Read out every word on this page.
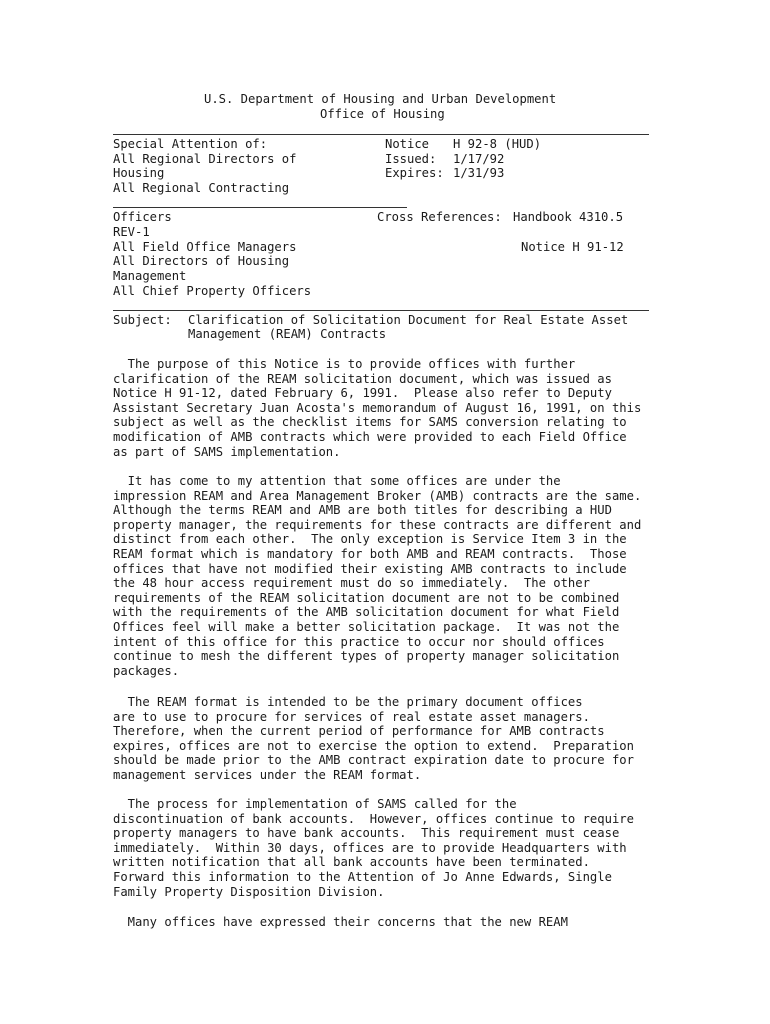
U.S. Department of Housing and Urban Development
Office of Housing
Special Attention of:
All Regional Directors of
Housing
All Regional Contracting
Officers
REV-1
All Field Office Managers
All Directors of Housing
Management
All Chief Property Officers
Notice H 92-8 (HUD)
Issued: 1/17/92
Expires: 1/31/93
Cross References: Handbook 4310.5
Notice H 91-12
Subject: Clarification of Solicitation Document for Real Estate Asset
Management (REAM) Contracts
The purpose of this Notice is to provide offices with further
clarification of the REAM solicitation document, which was issued as
Notice H 91-12, dated February 6, 1991.  Please also refer to Deputy
Assistant Secretary Juan Acosta's memorandum of August 16, 1991, on this
subject as well as the checklist items for SAMS conversion relating to
modification of AMB contracts which were provided to each Field Office
as part of SAMS implementation.
It has come to my attention that some offices are under the
impression REAM and Area Management Broker (AMB) contracts are the same.
Although the terms REAM and AMB are both titles for describing a HUD
property manager, the requirements for these contracts are different and
distinct from each other.  The only exception is Service Item 3 in the
REAM format which is mandatory for both AMB and REAM contracts.  Those
offices that have not modified their existing AMB contracts to include
the 48 hour access requirement must do so immediately.  The other
requirements of the REAM solicitation document are not to be combined
with the requirements of the AMB solicitation document for what Field
Offices feel will make a better solicitation package.  It was not the
intent of this office for this practice to occur nor should offices
continue to mesh the different types of property manager solicitation
packages.
The REAM format is intended to be the primary document offices
are to use to procure for services of real estate asset managers.
Therefore, when the current period of performance for AMB contracts
expires, offices are not to exercise the option to extend.  Preparation
should be made prior to the AMB contract expiration date to procure for
management services under the REAM format.
The process for implementation of SAMS called for the
discontinuation of bank accounts.  However, offices continue to require
property managers to have bank accounts.  This requirement must cease
immediately.  Within 30 days, offices are to provide Headquarters with
written notification that all bank accounts have been terminated.
Forward this information to the Attention of Jo Anne Edwards, Single
Family Property Disposition Division.
Many offices have expressed their concerns that the new REAM
